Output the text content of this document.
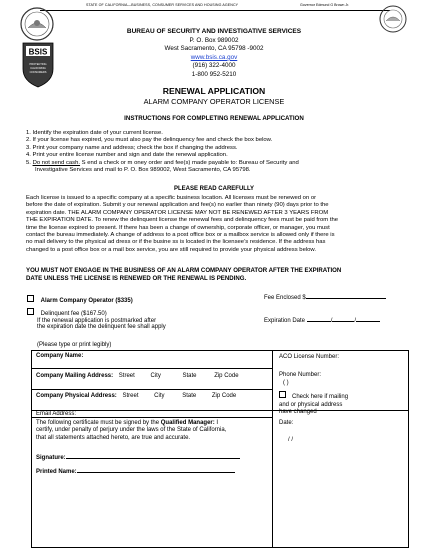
STATE OF CALIFORNIA—BUSINESS, CONSUMER SERVICES AND HOUSING AGENCY	Governor Edmund G Brown Jr.
BSIS
PROTECTING
CALIFORNIA
CONSUMERS
BUREAU OF SECURITY AND INVESTIGATIVE SERVICES
P. O. Box 989002
West Sacramento, CA 95798 -9002
www.bsis.ca.gov
(916) 322-4000
1-800 952-5210
RENEWAL APPLICATION
ALARM COMPANY OPERATOR LICENSE
INSTRUCTIONS FOR COMPLETING RENEWAL APPLICATION
1. Identify the expiration date of your current license.
2. If your license has expired, you must also pay the delinquency fee and check the box below.
3. Print your company name and address; check the box if changing the address.
4. Print your entire license number and sign and date the renewal application.
5. Do not send cash. S end a check or m oney order and fee(s) made payable to: Bureau of Security and
Investigative Services and mail to P. O. Box 989002, West Sacramento, CA 95798.
PLEASE READ CAREFULLY
Each license is issued to a specific company at a specific business location. All licenses must be renewed on or
before the date of expiration. Submit y our renewal application and fee(s) no earlier than ninety (90) days prior to the
expiration date. THE ALARM COMPANY OPERATOR LICENSE MAY NOT BE RENEWED AFTER 3 YEARS FROM
THE EXPIRATION DATE. To renew the delinquent license the renewal fees and delinquency fees must be paid from the
time the license expired to present. If there has been a change of ownership, corporate officer, or manager, you must
contact the bureau immediately. A change of address to a post office box or a mailbox service is allowed only if there is
no mail delivery to the physical ad dress or if the busine ss is located in the licensee’s residence. If the address has
changed to a post office box or a mail box service, you are still required to provide your physical address below.
YOU MUST NOT ENGAGE IN THE BUSINESS OF AN ALARM COMPANY OPERATOR AFTER THE EXPIRATION
DATE UNLESS THE LICENSE IS RENEWED OR THE RENEWAL IS PENDING.
Alarm Company Operator ($335)	Fee Enclosed $
Delinquent fee ($167.50)
If the renewal application is postmarked after
the expiration date the delinquent fee shall apply
Expiration Date	/	/
(Please type or print legibly)
Company Name:	ACO License Number:
Company Mailing Address: Street	City	State	Zip Code	Phone Number:
( )
Company Physical Address: Street	City	State	Zip Code	Check here if mailing
and or physical address
have changed
Email Address:
The following certificate must be signed by the Qualified Manager: I
certify, under penalty of perjury under the laws of the State of California,
that all statements attached hereto, are true and accurate.
Date:
/ /
Signature:
Printed Name:
